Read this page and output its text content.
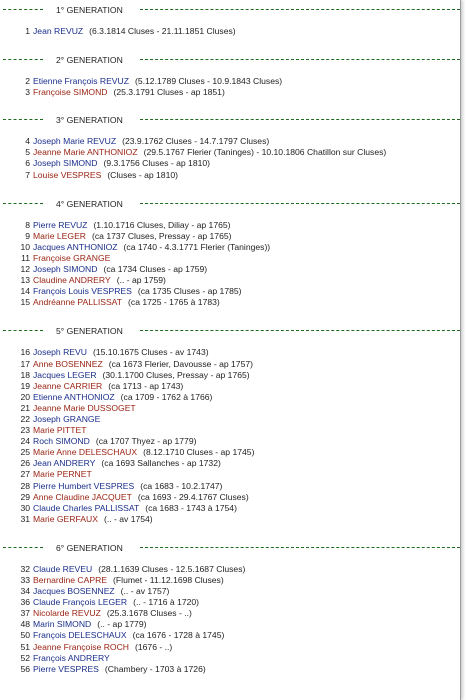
1° GENERATION
1 Jean REVUZ (6.3.1814 Cluses - 21.11.1851 Cluses)
2° GENERATION
2 Etienne François REVUZ (5.12.1789 Cluses - 10.9.1843 Cluses)
3 Françoise SIMOND (25.3.1791 Cluses - ap 1851)
3° GENERATION
4 Joseph Marie REVUZ (23.9.1762 Cluses - 14.7.1797 Cluses)
5 Jeanne Marie ANTHONIOZ (29.5.1767 Flerier (Taninges) - 10.10.1806 Chatillon sur Cluses)
6 Joseph SIMOND (9.3.1756 Cluses - ap 1810)
7 Louise VESPRES (Cluses - ap 1810)
4° GENERATION
8 Pierre REVUZ (1.10.1716 Cluses, Diliay - ap 1765)
9 Marie LEGER (ca 1737 Cluses, Pressay - ap 1765)
10 Jacques ANTHONIOZ (ca 1740 - 4.3.1771 Flerier (Taninges))
11 Françoise GRANGE
12 Joseph SIMOND (ca 1734 Cluses - ap 1759)
13 Claudine ANDRERY (.. - ap 1759)
14 François Louis VESPRES (ca 1735 Cluses - ap 1785)
15 Andréanne PALLISSAT (ca 1725 - 1765 à 1783)
5° GENERATION
16 Joseph REVU (15.10.1675 Cluses - av 1743)
17 Anne BOSENNEZ (ca 1673 Flerier, Davousse - ap 1757)
18 Jacques LEGER (30.1.1700 Cluses, Pressay - ap 1765)
19 Jeanne CARRIER (ca 1713 - ap 1743)
20 Etienne ANTHONIOZ (ca 1709 - 1762 à 1766)
21 Jeanne Marie DUSSOGET
22 Joseph GRANGE
23 Marie PITTET
24 Roch SIMOND (ca 1707 Thyez - ap 1779)
25 Marie Anne DELESCHAUX (8.12.1710 Cluses - ap 1745)
26 Jean ANDRERY (ca 1693 Sallanches - ap 1732)
27 Marie PERNET
28 Pierre Humbert VESPRES (ca 1683 - 10.2.1747)
29 Anne Claudine JACQUET (ca 1693 - 29.4.1767 Cluses)
30 Claude Charles PALLISSAT (ca 1683 - 1743 à 1754)
31 Marie GERFAUX (.. - av 1754)
6° GENERATION
32 Claude REVEU (28.1.1639 Cluses - 12.5.1687 Cluses)
33 Bernardine CAPRE (Flumet - 11.12.1698 Cluses)
34 Jacques BOSENNEZ (.. - av 1757)
36 Claude François LEGER (.. - 1716 à 1720)
37 Nicolarde REVUZ (25.3.1678 Cluses - ..)
48 Marin SIMOND (.. - ap 1779)
50 François DELESCHAUX (ca 1676 - 1728 à 1745)
51 Jeanne Françoise ROCH (1676 - ..)
52 François ANDRERY
56 Pierre VESPRES (Chambery - 1703 à 1726)
